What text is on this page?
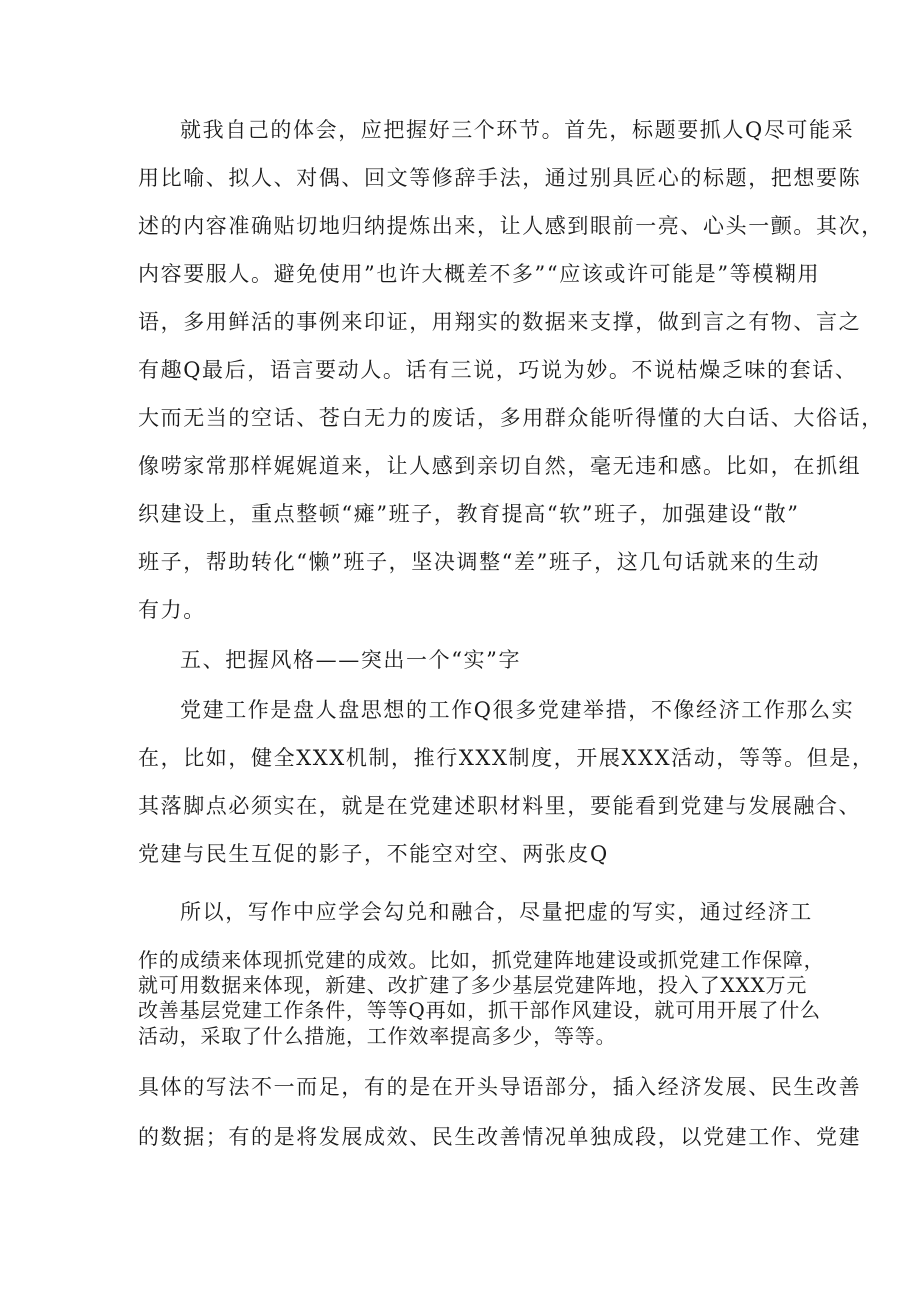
就我自己的体会，应把握好三个环节。首先，标题要抓人Q尽可能采
用比喻、拟人、对偶、回文等修辞手法，通过别具匠心的标题，把想要陈
述的内容准确贴切地归纳提炼出来，让人感到眼前一亮、心头一颤。其次，
内容要服人。避免使用”也许大概差不多”“应该或许可能是”等模糊用
语，多用鲜活的事例来印证，用翔实的数据来支撑，做到言之有物、言之
有趣Q最后，语言要动人。话有三说，巧说为妙。不说枯燥乏味的套话、
大而无当的空话、苍白无力的废话，多用群众能听得懂的大白话、大俗话，
像唠家常那样娓娓道来，让人感到亲切自然，毫无违和感。比如，在抓组
织建设上，重点整顿“瘫”班子，教育提高“软”班子，加强建设“散”
班子，帮助转化“懒”班子，坚决调整“差”班子，这几句话就来的生动
有力。
五、把握风格——突出一个“实”字
党建工作是盘人盘思想的工作Q很多党建举措，不像经济工作那么实
在，比如，健全XXX机制，推行XXX制度，开展XXX活动，等等。但是，
其落脚点必须实在，就是在党建述职材料里，要能看到党建与发展融合、
党建与民生互促的影子，不能空对空、两张皮Q
所以，写作中应学会勾兑和融合，尽量把虚的写实，通过经济工
作的成绩来体现抓党建的成效。比如，抓党建阵地建设或抓党建工作保障，
就可用数据来体现，新建、改扩建了多少基层党建阵地，投入了XXX万元
改善基层党建工作条件，等等Q再如，抓干部作风建设，就可用开展了什么
活动，采取了什么措施，工作效率提高多少，等等。
具体的写法不一而足，有的是在开头导语部分，插入经济发展、民生改善
的数据；有的是将发展成效、民生改善情况单独成段，以党建工作、党建
